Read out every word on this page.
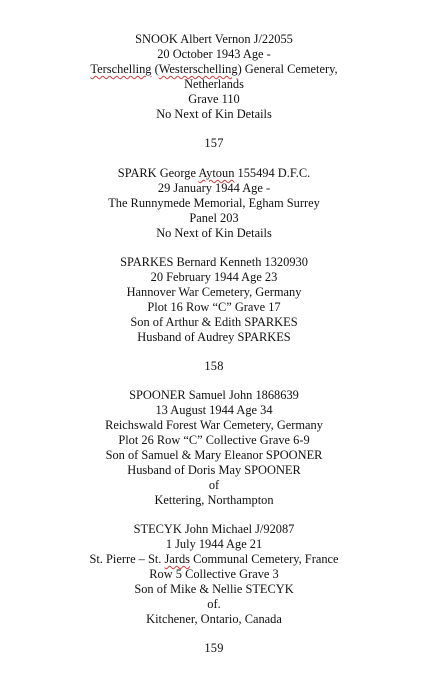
SNOOK Albert Vernon J/22055
20 October 1943 Age -
Terschelling (Westerschelling) General Cemetery,
Netherlands
Grave 110
No Next of Kin Details
157
SPARK George Aytoun 155494 D.F.C.
29 January 1944 Age -
The Runnymede Memorial, Egham Surrey
Panel 203
No Next of Kin Details
SPARKES Bernard Kenneth 1320930
20 February 1944 Age 23
Hannover War Cemetery, Germany
Plot 16 Row “C” Grave 17
Son of Arthur & Edith SPARKES
Husband of Audrey SPARKES
158
SPOONER Samuel John 1868639
13 August 1944 Age 34
Reichswald Forest War Cemetery, Germany
Plot 26 Row “C” Collective Grave 6-9
Son of Samuel & Mary Eleanor SPOONER
Husband of Doris May SPOONER
of
Kettering, Northampton
STECYK John Michael J/92087
1 July 1944 Age 21
St. Pierre – St. Jards Communal Cemetery, France
Row 5 Collective Grave 3
Son of Mike & Nellie STECYK
of.
Kitchener, Ontario, Canada
159
